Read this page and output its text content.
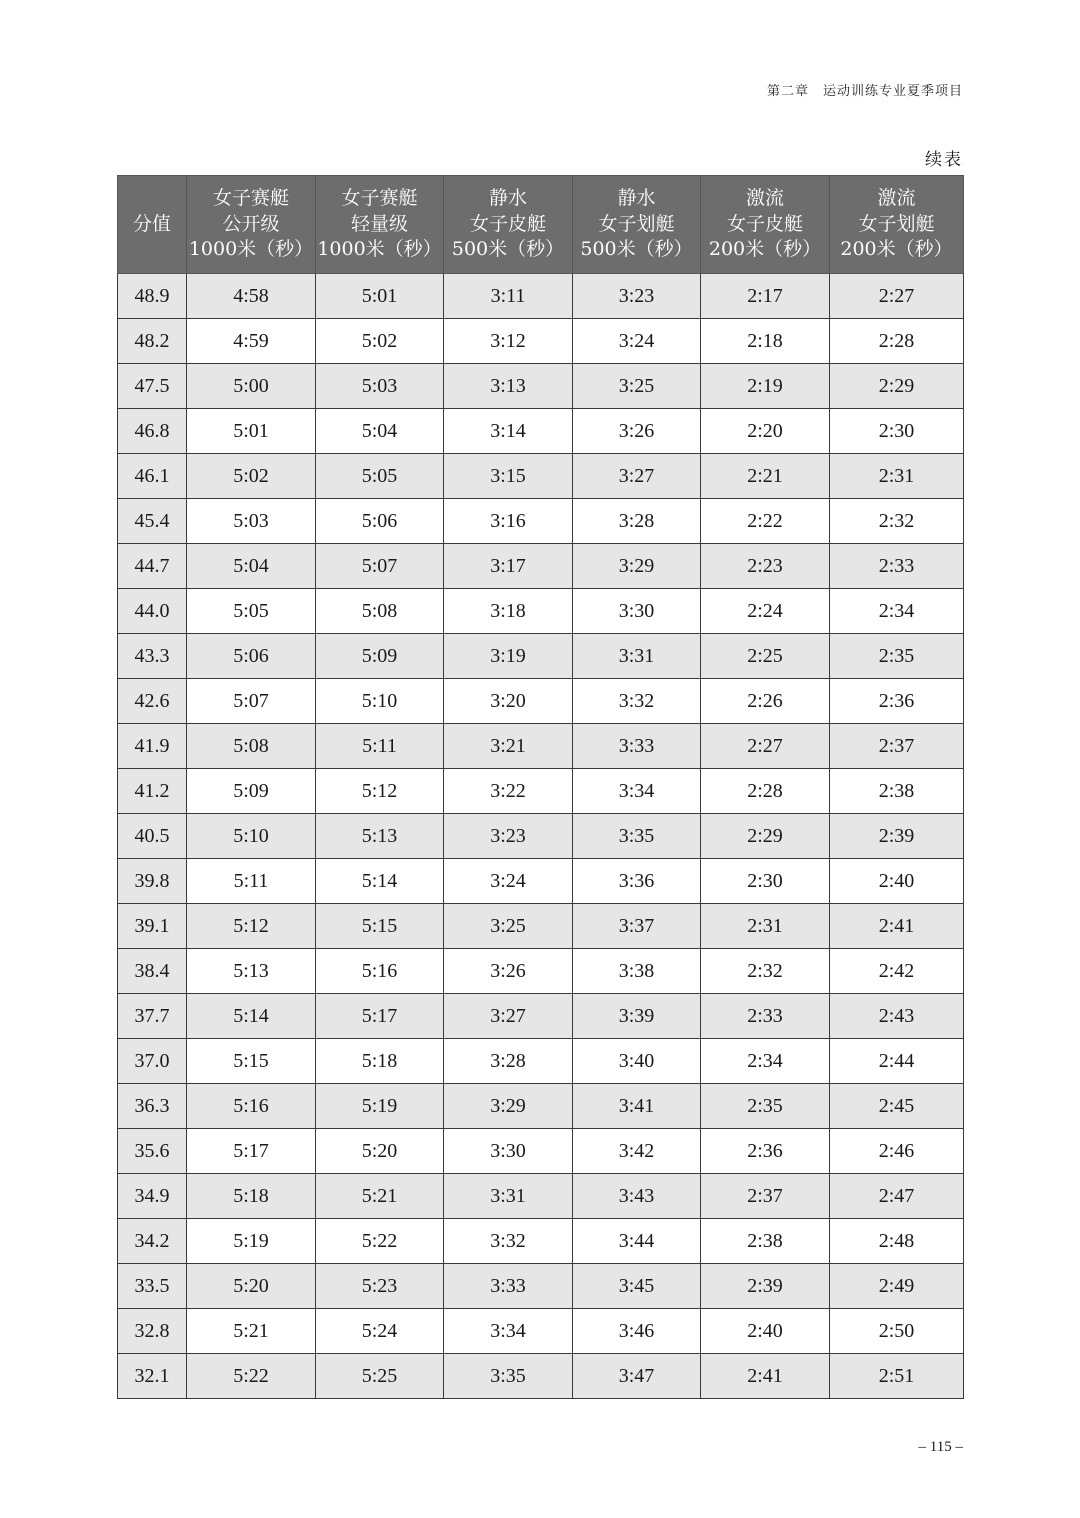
第二章 运动训练专业夏季项目
续表
分值	女子赛艇
公开级
1000米（秒）	女子赛艇
轻量级
1000米（秒）	静水
女子皮艇
500米（秒）	静水
女子划艇
500米（秒）	激流
女子皮艇
200米（秒）	激流
女子划艇
200米（秒）

48.9	4:58	5:01	3:11	3:23	2:17	2:27
48.2	4:59	5:02	3:12	3:24	2:18	2:28
47.5	5:00	5:03	3:13	3:25	2:19	2:29
46.8	5:01	5:04	3:14	3:26	2:20	2:30
46.1	5:02	5:05	3:15	3:27	2:21	2:31
45.4	5:03	5:06	3:16	3:28	2:22	2:32
44.7	5:04	5:07	3:17	3:29	2:23	2:33
44.0	5:05	5:08	3:18	3:30	2:24	2:34
43.3	5:06	5:09	3:19	3:31	2:25	2:35
42.6	5:07	5:10	3:20	3:32	2:26	2:36
41.9	5:08	5:11	3:21	3:33	2:27	2:37
41.2	5:09	5:12	3:22	3:34	2:28	2:38
40.5	5:10	5:13	3:23	3:35	2:29	2:39
39.8	5:11	5:14	3:24	3:36	2:30	2:40
39.1	5:12	5:15	3:25	3:37	2:31	2:41
38.4	5:13	5:16	3:26	3:38	2:32	2:42
37.7	5:14	5:17	3:27	3:39	2:33	2:43
37.0	5:15	5:18	3:28	3:40	2:34	2:44
36.3	5:16	5:19	3:29	3:41	2:35	2:45
35.6	5:17	5:20	3:30	3:42	2:36	2:46
34.9	5:18	5:21	3:31	3:43	2:37	2:47
34.2	5:19	5:22	3:32	3:44	2:38	2:48
33.5	5:20	5:23	3:33	3:45	2:39	2:49
32.8	5:21	5:24	3:34	3:46	2:40	2:50
32.1	5:22	5:25	3:35	3:47	2:41	2:51
– 115 –
